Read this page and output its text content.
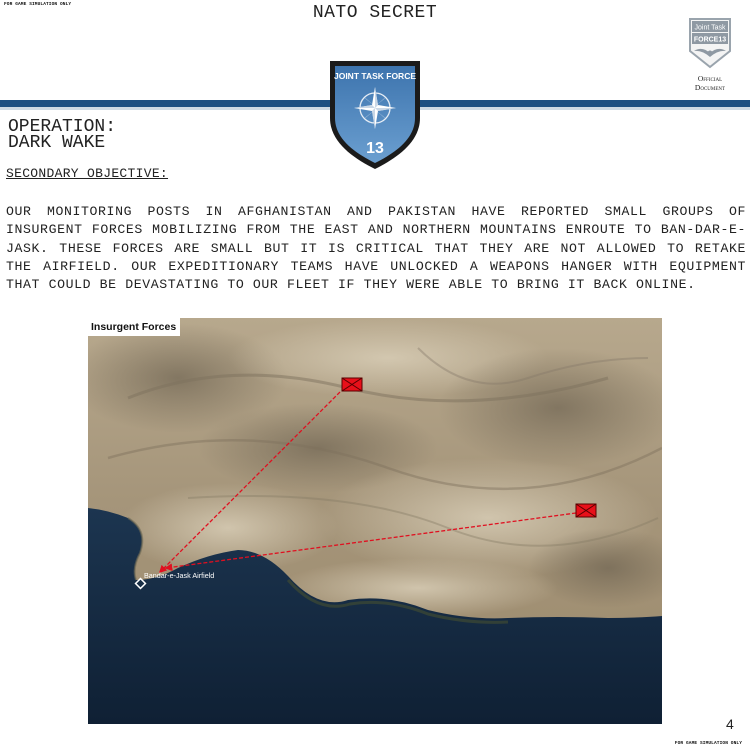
FOR GAME SIMULATION ONLY	NATO SECRET
Joint Task
FORCE13
Official
Document
JOINT TASK FORCE
13
OPERATION:
DARK WAKE
SECONDARY OBJECTIVE:

OUR MONITORING POSTS IN AFGHANISTAN AND PAKISTAN HAVE REPORTED SMALL GROUPS OF INSURGENT FORCES MOBILIZING FROM THE EAST AND NORTHERN MOUNTAINS ENROUTE TO BAN-DAR-E-JASK. THESE FORCES ARE SMALL BUT IT IS CRITICAL THAT THEY ARE NOT ALLOWED TO RETAKE THE AIRFIELD. OUR EXPEDITIONARY TEAMS HAVE UNLOCKED A WEAPONS HANGER WITH EQUIPMENT THAT COULD BE DEVASTATING TO OUR FLEET IF THEY WERE ABLE TO BRING IT BACK ONLINE.

Bandar-e-Jask Airfield
Insurgent Forces
4
FOR GAME SIMULATION ONLY
